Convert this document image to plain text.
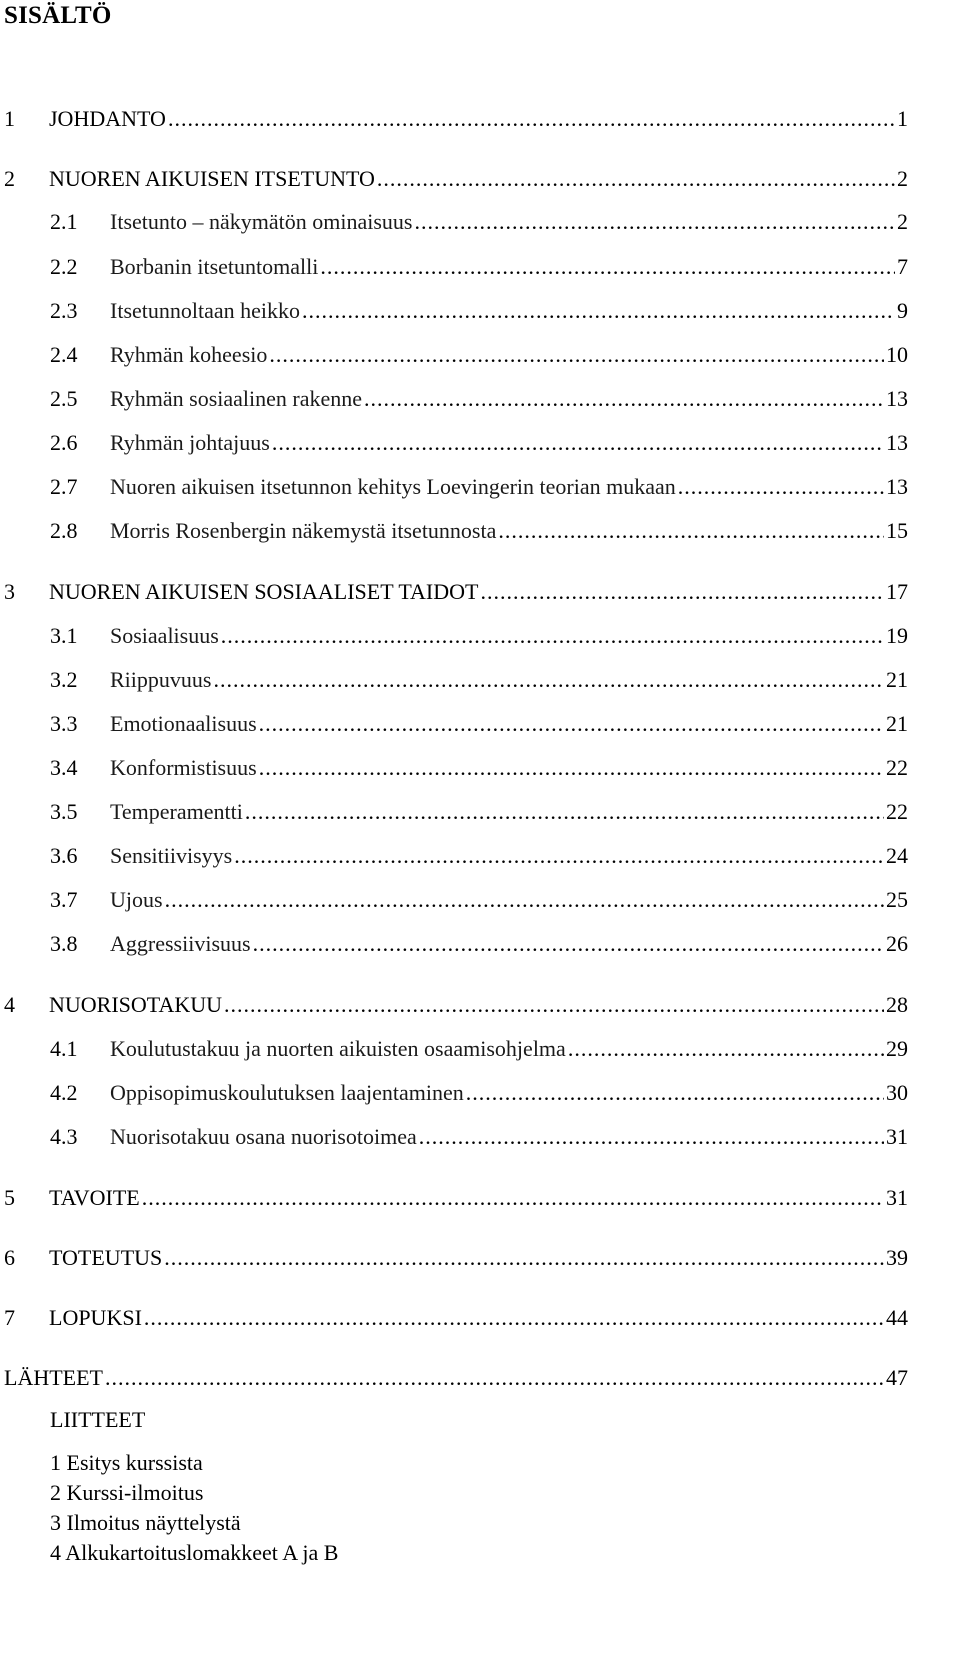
SISÄLTÖ
1	JOHDANTO .....	1
2	NUOREN AIKUISEN ITSETUNTO .....	2
2.1	Itsetunto – näkymätön ominaisuus .....	2
2.2	Borbanin itsetuntomalli .....	7
2.3	Itsetunnoltaan heikko .....	9
2.4	Ryhmän koheesio .....	10
2.5	Ryhmän sosiaalinen rakenne .....	13
2.6	Ryhmän johtajuus .....	13
2.7	Nuoren aikuisen itsetunnon kehitys Loevingerin teorian mukaan .....	13
2.8	Morris Rosenbergin näkemystä itsetunnosta .....	15
3	NUOREN AIKUISEN SOSIAALISET TAIDOT .....	17
3.1	Sosiaalisuus .....	19
3.2	Riippuvuus .....	21
3.3	Emotionaalisuus .....	21
3.4	Konformistisuus .....	22
3.5	Temperamentti .....	22
3.6	Sensitiivisyys .....	24
3.7	Ujous .....	25
3.8	Aggressiivisuus .....	26
4	NUORISOTAKUU .....	28
4.1	Koulutustakuu ja nuorten aikuisten osaamisohjelma .....	29
4.2	Oppisopimuskoulutuksen laajentaminen .....	30
4.3	Nuorisotakuu osana nuorisotoimea .....	31
5	TAVOITE .....	31
6	TOTEUTUS .....	39
7	LOPUKSI .....	44
LÄHTEET .....	47
LIITTEET
1 Esitys kurssista
2 Kurssi-ilmoitus
3 Ilmoitus näyttelystä
4 Alkukartoituslomakkeet A ja B
